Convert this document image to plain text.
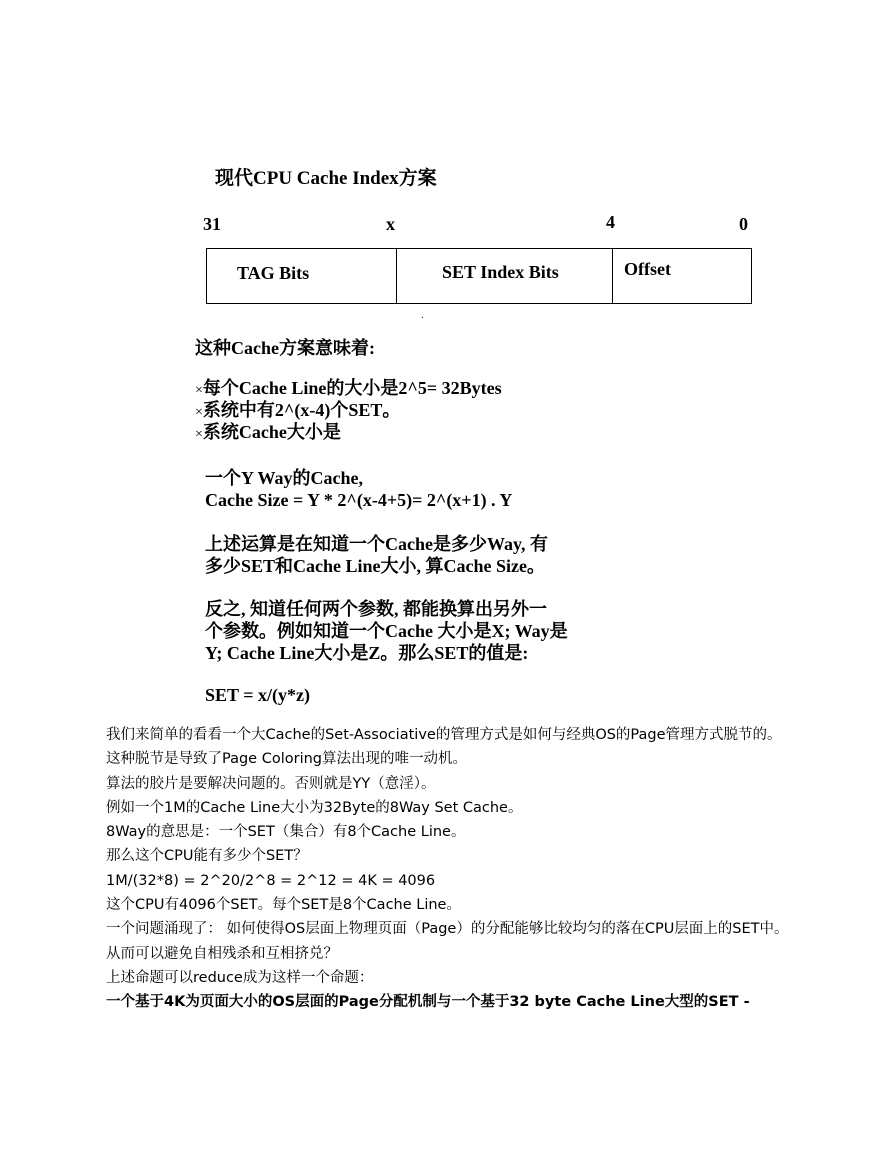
现代CPU Cache Index方案
31	x	4	0
TAG Bits	SET Index Bits	Offset
.
这种Cache方案意味着:
×每个Cache Line的大小是2^5= 32Bytes
×系统中有2^(x-4)个SET。
×系统Cache大小是
一个Y Way的Cache,
Cache Size = Y * 2^(x-4+5)= 2^(x+1) . Y
上述运算是在知道一个Cache是多少Way, 有
多少SET和Cache Line大小, 算Cache Size。
反之, 知道任何两个参数, 都能换算出另外一
个参数。例如知道一个Cache 大小是X; Way是
Y; Cache Line大小是Z。那么SET的值是:
SET = x/(y*z)

我们来简单的看看一个大Cache的Set-Associative的管理方式是如何与经典OS的Page管理方式脱节的。

这种脱节是导致了Page Coloring算法出现的唯一动机。

算法的胶片是要解决问题的。否则就是YY（意淫）。

例如一个1M的Cache Line大小为32Byte的8Way Set Cache。

8Way的意思是：一个SET（集合）有8个Cache Line。

那么这个CPU能有多少个SET？

1M/(32*8) = 2^20/2^8 = 2^12 = 4K = 4096

这个CPU有4096个SET。每个SET是8个Cache Line。

一个问题涌现了： 如何使得OS层面上物理页面（Page）的分配能够比较均匀的落在CPU层面上的SET中。从而可以避免自相残杀和互相挤兑？

上述命题可以reduce成为这样一个命题：

一个基于4K为页面大小的OS层面的Page分配机制与一个基于32 byte Cache Line大型的SET -
